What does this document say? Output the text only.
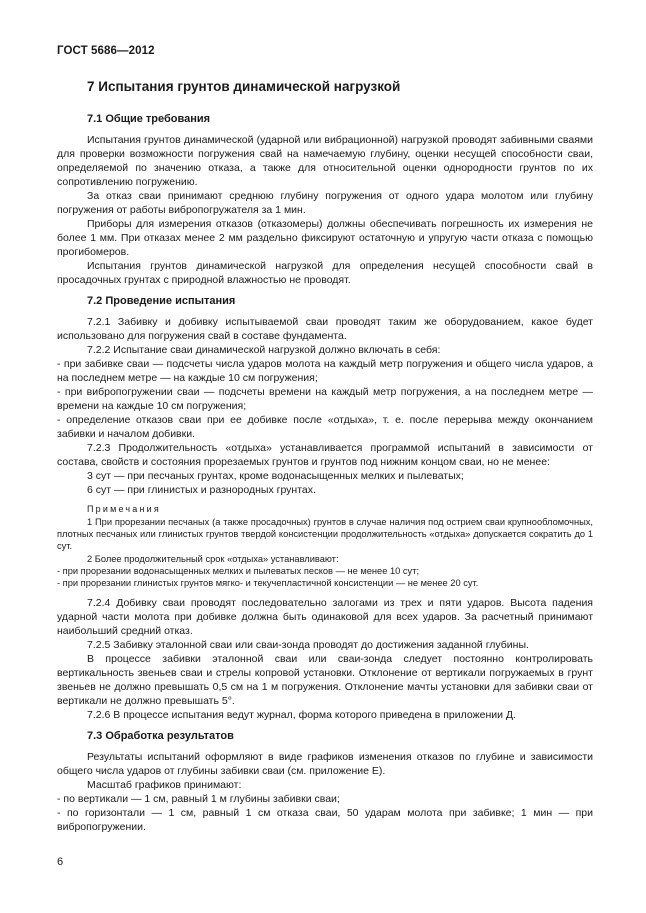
ГОСТ 5686—2012
7 Испытания грунтов динамической нагрузкой
7.1 Общие требования

Испытания грунтов динамической (ударной или вибрационной) нагрузкой проводят забивными сваями для проверки возможности погружения свай на намечаемую глубину, оценки несущей способности сваи, определяемой по значению отказа, а также для относительной оценки однородности грунтов по их сопротивлению погружению.

За отказ сваи принимают среднюю глубину погружения от одного удара молотом или глубину погружения от работы вибропогружателя за 1 мин.

Приборы для измерения отказов (отказомеры) должны обеспечивать погрешность их измерения не более 1 мм. При отказах менее 2 мм раздельно фиксируют остаточную и упругую части отказа с помощью прогибомеров.

Испытания грунтов динамической нагрузкой для определения несущей способности свай в просадочных грунтах с природной влажностью не проводят.

7.2 Проведение испытания

7.2.1 Забивку и добивку испытываемой сваи проводят таким же оборудованием, какое будет использовано для погружения свай в составе фундамента.

7.2.2 Испытание сваи динамической нагрузкой должно включать в себя:

- при забивке сваи — подсчеты числа ударов молота на каждый метр погружения и общего числа ударов, а на последнем метре — на каждые 10 см погружения;

- при вибропогружении сваи — подсчеты времени на каждый метр погружения, а на последнем метре — времени на каждые 10 см погружения;

- определение отказов сваи при ее добивке после «отдыха», т. е. после перерыва между окончанием забивки и началом добивки.

7.2.3 Продолжительность «отдыха» устанавливается программой испытаний в зависимости от состава, свойств и состояния прорезаемых грунтов и грунтов под нижним концом сваи, но не менее:

3 сут — при песчаных грунтах, кроме водонасыщенных мелких и пылеватых;

6 сут — при глинистых и разнородных грунтах.

Примечания

1 При прорезании песчаных (а также просадочных) грунтов в случае наличия под острием сваи крупнообломочных, плотных песчаных или глинистых грунтов твердой консистенции продолжительность «отдыха» допускается сократить до 1 сут.

2 Более продолжительный срок «отдыха» устанавливают:

- при прорезании водонасыщенных мелких и пылеватых песков — не менее 10 сут;

- при прорезании глинистых грунтов мягко- и текучепластичной консистенции — не менее 20 сут.

7.2.4 Добивку сваи проводят последовательно залогами из трех и пяти ударов. Высота падения ударной части молота при добивке должна быть одинаковой для всех ударов. За расчетный принимают наибольший средний отказ.

7.2.5 Забивку эталонной сваи или сваи-зонда проводят до достижения заданной глубины.

В процессе забивки эталонной сваи или сваи-зонда следует постоянно контролировать вертикальность звеньев сваи и стрелы копровой установки. Отклонение от вертикали погружаемых в грунт звеньев не должно превышать 0,5 см на 1 м погружения. Отклонение мачты установки для забивки сваи от вертикали не должно превышать 5°.

7.2.6 В процессе испытания ведут журнал, форма которого приведена в приложении Д.

7.3 Обработка результатов

Результаты испытаний оформляют в виде графиков изменения отказов по глубине и зависимости общего числа ударов от глубины забивки сваи (см. приложение Е).

Масштаб графиков принимают:

- по вертикали — 1 см, равный 1 м глубины забивки сваи;

- по горизонтали — 1 см, равный 1 см отказа сваи, 50 ударам молота при забивке; 1 мин — при вибропогружении.

6
